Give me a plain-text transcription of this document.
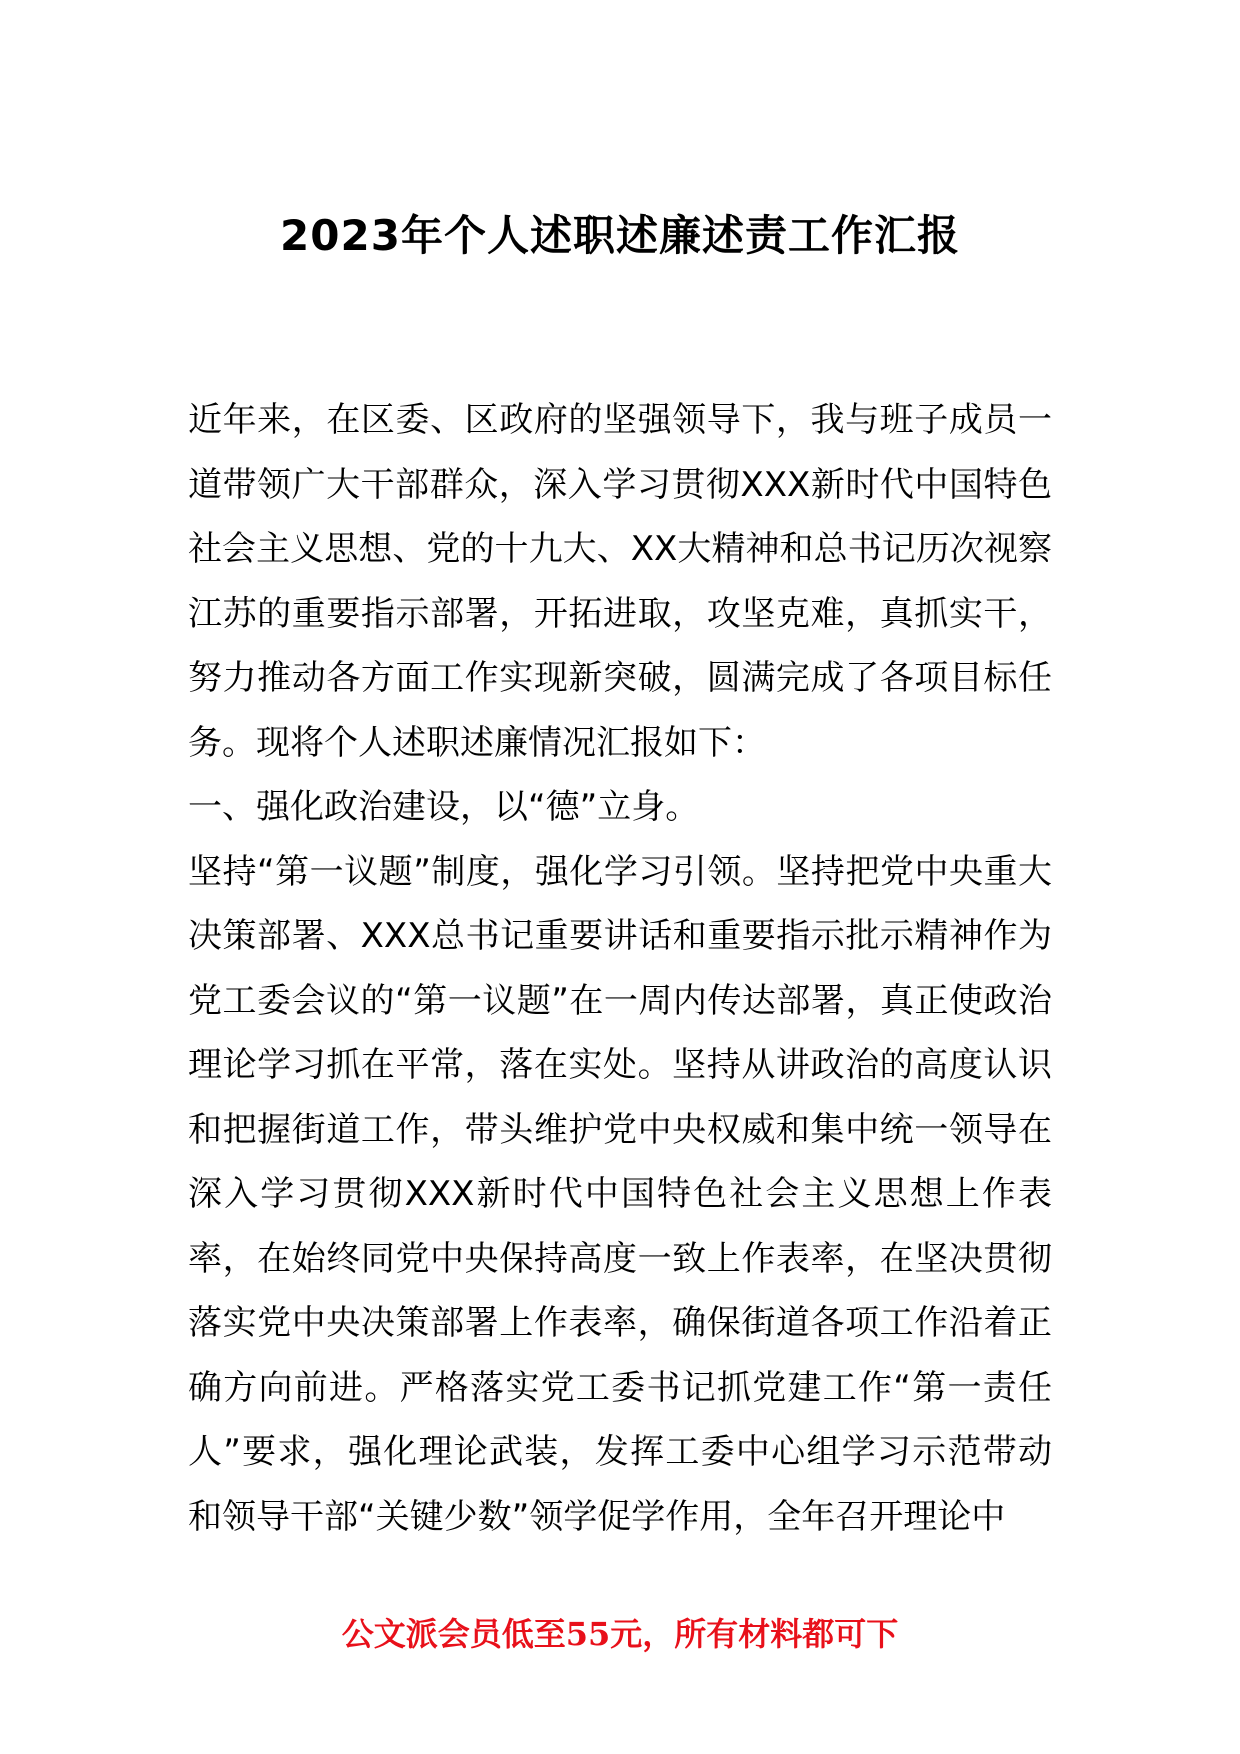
2023年个人述职述廉述责工作汇报

近年来，在区委、区政府的坚强领导下，我与班子成员一道带领广大干部群众，深入学习贯彻XXX新时代中国特色社会主义思想、党的十九大、XX大精神和总书记历次视察江苏的重要指示部署，开拓进取，攻坚克难，真抓实干，努力推动各方面工作实现新突破，圆满完成了各项目标任务。现将个人述职述廉情况汇报如下：

一、强化政治建设，以“德”立身。

坚持“第一议题”制度，强化学习引领。坚持把党中央重大决策部署、XXX总书记重要讲话和重要指示批示精神作为党工委会议的“第一议题”在一周内传达部署，真正使政治理论学习抓在平常，落在实处。坚持从讲政治的高度认识和把握街道工作，带头维护党中央权威和集中统一领导在深入学习贯彻XXX新时代中国特色社会主义思想上作表率，在始终同党中央保持高度一致上作表率，在坚决贯彻落实党中央决策部署上作表率，确保街道各项工作沿着正确方向前进。严格落实党工委书记抓党建工作“第一责任人”要求，强化理论武装，发挥工委中心组学习示范带动和领导干部“关键少数”领学促学作用，全年召开理论中

公文派会员低至55元，所有材料都可下
